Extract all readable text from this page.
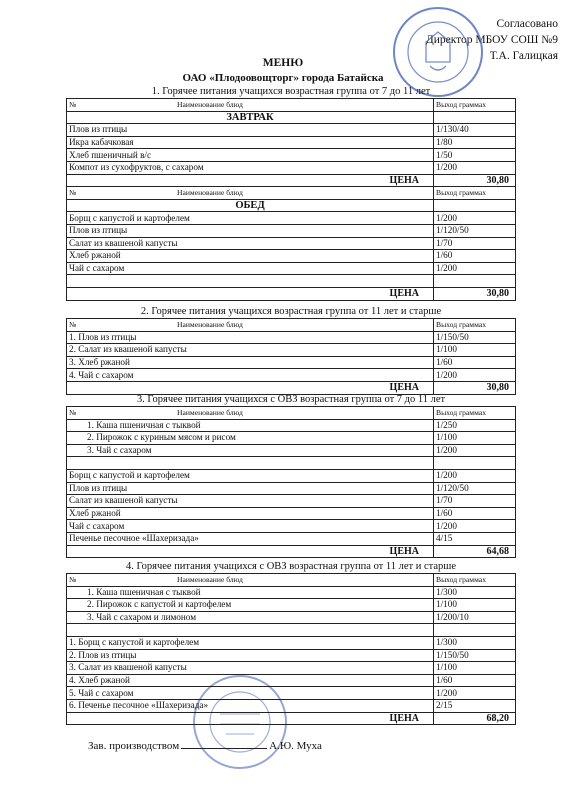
Согласовано
Директор МБОУ СОШ №9
Т.А. Галицкая
МЕНЮ
ОАО «Плодоовощторг» города Батайска
1. Горячее питания учащихся возрастная группа от 7 до 11 лет
№ Наименование блюд	Выход граммах
ЗАВТРАК	
Плов из птицы	1/130/40
Икра кабачковая	1/80
Хлеб пшеничный в/с	1/50
Компот из сухофруктов, с сахаром	1/200
ЦЕНА	30,80
№ Наименование блюд	Выход граммах
ОБЕД	
Борщ с капустой и картофелем	1/200
Плов из птицы	1/120/50
Салат из квашеной капусты	1/70
Хлеб ржаной	1/60
Чай с сахаром	1/200

ЦЕНА	30,80
2. Горячее питания учащихся возрастная группа от 11 лет и старше
№ Наименование блюд	Выход граммах
1. Плов из птицы	1/150/50
2. Салат из квашеной капусты	1/100
3. Хлеб ржаной	1/60
4. Чай с сахаром	1/200
ЦЕНА	30,80
3. Горячее питания учащихся с ОВЗ возрастная группа от 7 до 11 лет
№ Наименование блюд	Выход граммах
1. Каша пшеничная с тыквой	1/250
2. Пирожок с куриным мясом и рисом	1/100
3. Чай с сахаром	1/200

Борщ с капустой и картофелем	1/200
Плов из птицы	1/120/50
Салат из квашеной капусты	1/70
Хлеб ржаной	1/60
Чай с сахаром	1/200
Печенье песочное «Шахеризада»	4/15
ЦЕНА	64,68
4. Горячее питания учащихся с ОВЗ возрастная группа от 11 лет и старше
№ Наименование блюд	Выход граммах
1. Каша пшеничная с тыквой	1/300
2. Пирожок с капустой и картофелем	1/100
3. Чай с сахаром и лимоном	1/200/10

1. Борщ с капустой и картофелем	1/300
2. Плов из птицы	1/150/50
3. Салат из квашеной капусты	1/100
4. Хлеб ржаной	1/60
5. Чай с сахаром	1/200
6. Печенье песочное «Шахеризада»	2/15
ЦЕНА	68,20
Зав. производством	А.Ю. Муха
